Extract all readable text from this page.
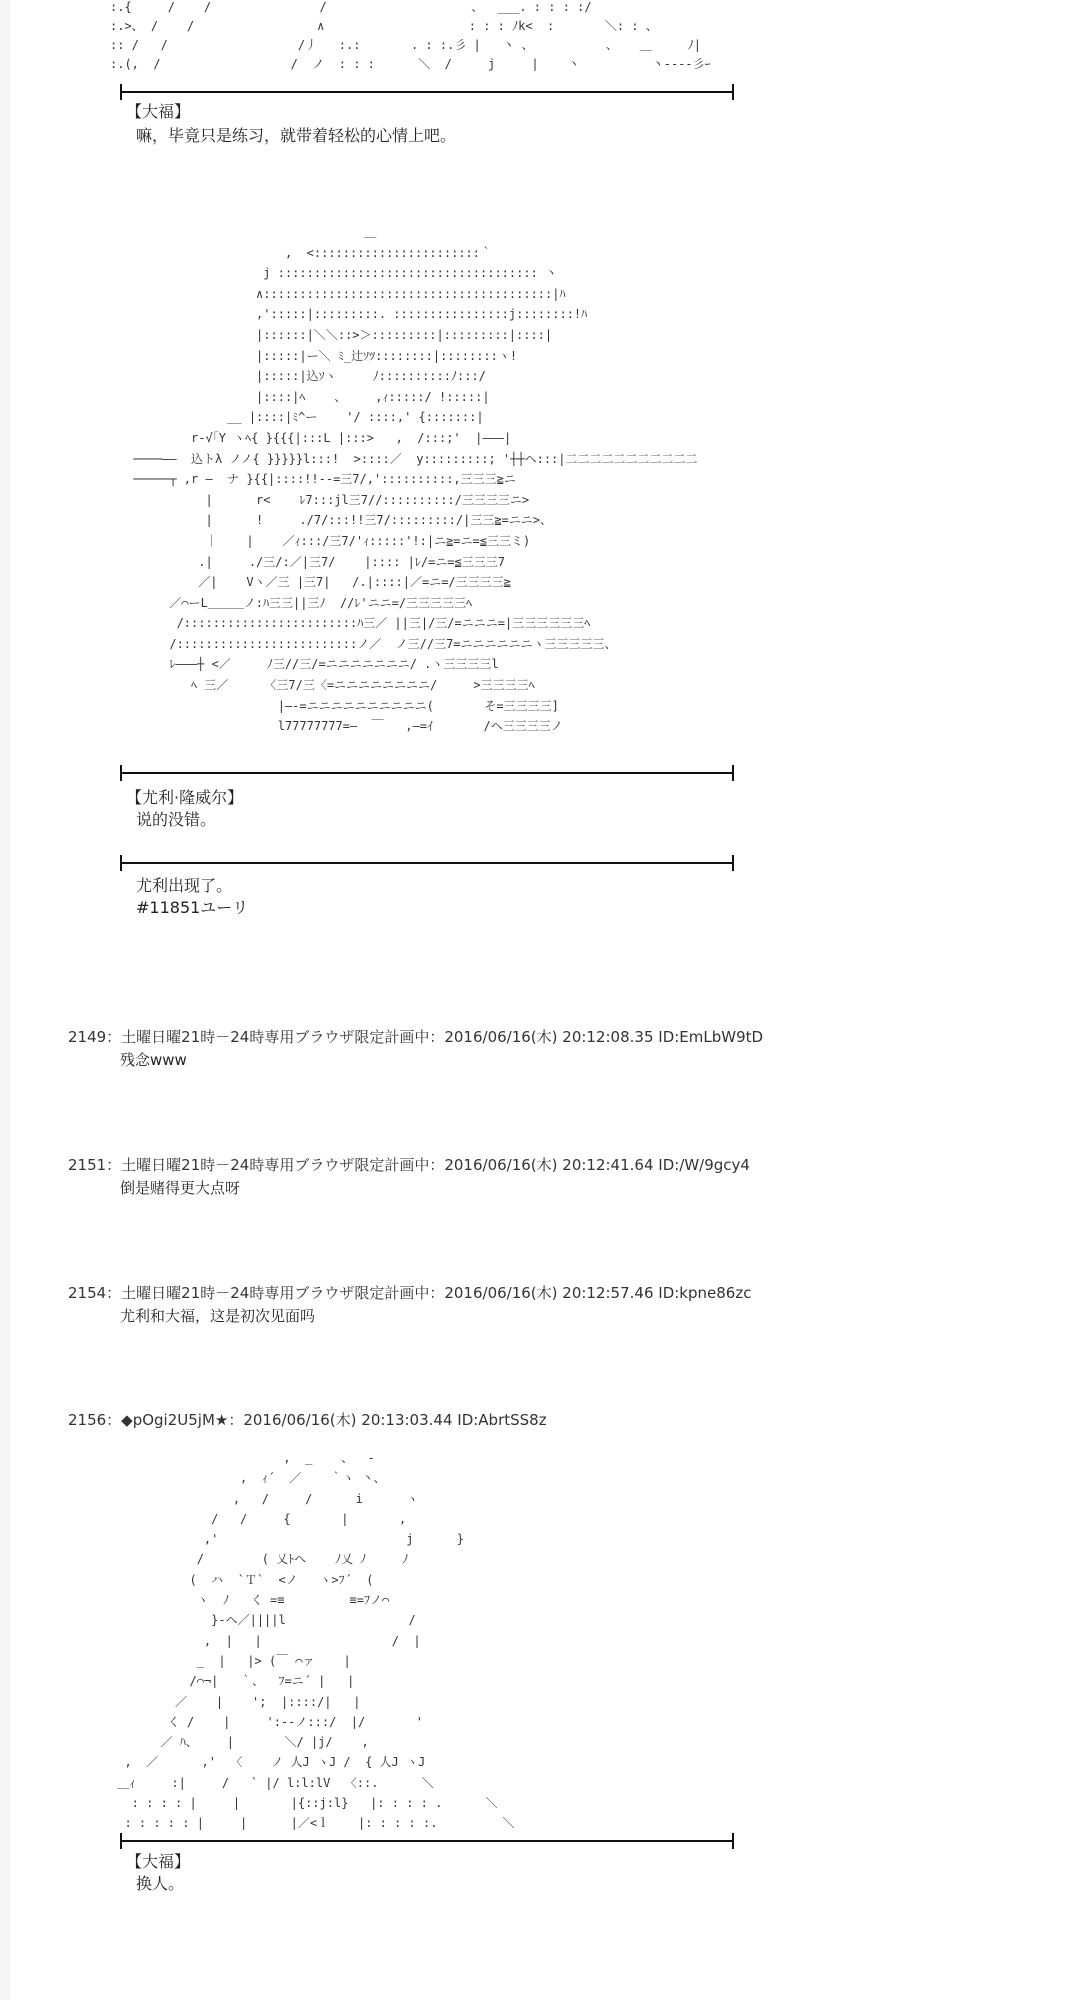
:.{     /    /               /                    、  ___. : : : :/
:.>、 /    /                 ∧                    : : : ﾉk<  :       ＼: : 、
:: /   /                  /丿   :.:       . : :.彡 |   丶 、          、   ＿     ﾉ|
:.(,  /                  /  ノ  : : :      ＼  /     j     |    丶          丶----彡ｰ
【大福】
嘛，毕竟只是练习，就带着轻松的心情上吧。
＿
,  <:::::::::::::::::::::::｀
j :::::::::::::::::::::::::::::::::::: 丶
∧::::::::::::::::::::::::::::::::::::::::|ﾊ
,':::::|:::::::::. ::::::::::::::::j::::::::!ﾊ
|::::::|＼＼::>＞:::::::::|:::::::::|::::|
|:::::|ー＼ ﾐ_辻ｿﾂ::::::::|::::::::ヽ!
|:::::|込ｿヽ     ﾉ::::::::::ﾉ:::/
|::::|ﾍ    、    ,ｨ:::::/ !:::::|
__ |::::|ﾐ^ー    '/ ::::,' {:::::::|
r-√｢Y ヽﾍ{ }{{{|:::L |:::>   ,  /:::;'  |―――|
────――  込トλ ノノ{ }}}}}l:::!  >::::／  y:::::::::; '┼┼ヘ:::|二二二二二二二二二二二
─────┬ ,r ―  ナ }{{|::::!!--=三7/,'::::::::::,三三三≧ニ
|      r<    ﾚ7:::jl三7//::::::::::/三三三三ニ>
|      !     ./7/:::!!三7/:::::::::/|三三≧=ニニ>、
｜    |    ／ｨ:::/三7/'ｨ:::::'!:|ニ≧=ニ=≦三三ミ)
.|     ./三/:／|三7/    |:::: |ﾚ/=ニ=≦三三三7
／|    Vヽ／三 |三7|   /.|::::|／=ニ=/三三三三≧
／⌒ーL＿＿＿ノ:ﾊ三三||三ﾉ  //ﾚ'ニニ=/三三三三三ﾍ
/::::::::::::::::::::::::ﾊ三／ ||三|/三/=ニニニ=|三三三三三三ﾍ
/:::::::::::::::::::::::::ノ／  ノ三//三7=ニニニニニニヽ三三三三三、
ﾚ―――┼ <／     ﾉ三//三/=ニニニニニニニ/ .ヽ三三三三l
ﾍ 三／     〈三7/三〈=ニニニニニニニニ/     >三三三三ﾍ
|―-=ニニニニニニニニニニ(       そ=三三三三]
l77777777=―  ￣   ,—=ｲ       /ヘ三三三三ノ
【尤利·隆威尔】
说的没错。
尤利出现了。
#11851ユーリ
2149：土曜日曜21時－24時専用ブラウザ限定計画中：2016/06/16(木) 20:12:08.35 ID:EmLbW9tD
残念www
2151：土曜日曜21時－24時専用ブラウザ限定計画中：2016/06/16(木) 20:12:41.64 ID:/W/9gcy4
倒是赌得更大点呀
2154：土曜日曜21時－24時専用ブラウザ限定計画中：2016/06/16(木) 20:12:57.46 ID:kpne86zc
尤利和大福，这是初次见面吗
2156：◆pOgi2U5jM★：2016/06/16(木) 20:13:03.44 ID:AbrtSS8z
,  _    、  -
,  ｨ´  ／    ｀ヽ 丶、
,   /     /      i      ヽ
/   /     {       |       ,
,'                          j      }
/        ( 乂ﾄヘ    ﾉ乂 ﾉ     ﾉ
(  ハ  `Ｔ`  <ノ   ヽ>ﾌ´  (
ヽ  ﾉ   く =≡         ≡=ﾌノ⌒
}-ヘ／||||l                 /
,  |   |                  /  |
_  |   |> (￣ ⌒ァ    |
/⌒¬|   ｀、  ﾌ=ニ´ |   |
／    |    ';  |::::/|   |
く /    |     ':--ノ:::/  |/       '
／ ﾊ、    |       ＼/ |j/    ,
,  ／      ,'  〈    ノ 人J ヽJ /  { 人J ヽJ
＿ｨ     :|     /   ` |/ l:l:lV  〈::.      ＼
: : : : |     |       |{::j:l}   |: : : : .      ＼
: : : : : |     |      |／<ｌ    |: : : : :.         ＼
【大福】
换人。
